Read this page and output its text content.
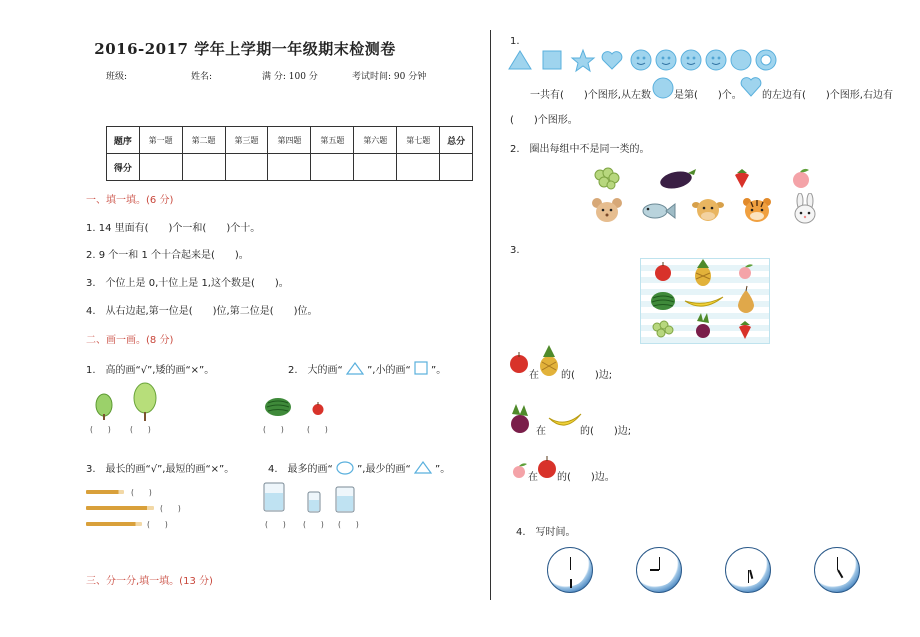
2016-2017 学年上学期一年级期末检测卷
班级:	姓名:	满 分: 100 分	考试时间: 90 分钟
题序	第一题	第二题	第三题	第四题	第五题	第六题	第七题	总分
得分								
一、填一填。(6 分)
1. 14 里面有(　　)个一和(　　)个十。
2. 9 个一和 1 个十合起来是(　　)。
3.　个位上是 0,十位上是 1,这个数是(　　)。
4.　从右边起,第一位是(　　)位,第二位是(　　)位。
二、画一画。(8 分)
1.　高的画“√”,矮的画“×”。	2.　大的画“ ”,小的画“ ”。
(　　)	(　　)	(　　)	(　　)
3.　最长的画“√”,最短的画“×”。	4.　最多的画“ ”,最少的画“ ”。
(　　)
(　　)
(　　)	(　　) (　　) (　　)
三、分一分,填一填。(13 分)
1.
一共有(　　)个图形,从左数 是第(　　)个。 的左边有(　　)个图形,右边有
(　　)个图形。
2.　圈出每组中不是同一类的。
3.
在 的(　　)边;
在	的(　　)边;
在 的(　　)边。
4.　写时间。
